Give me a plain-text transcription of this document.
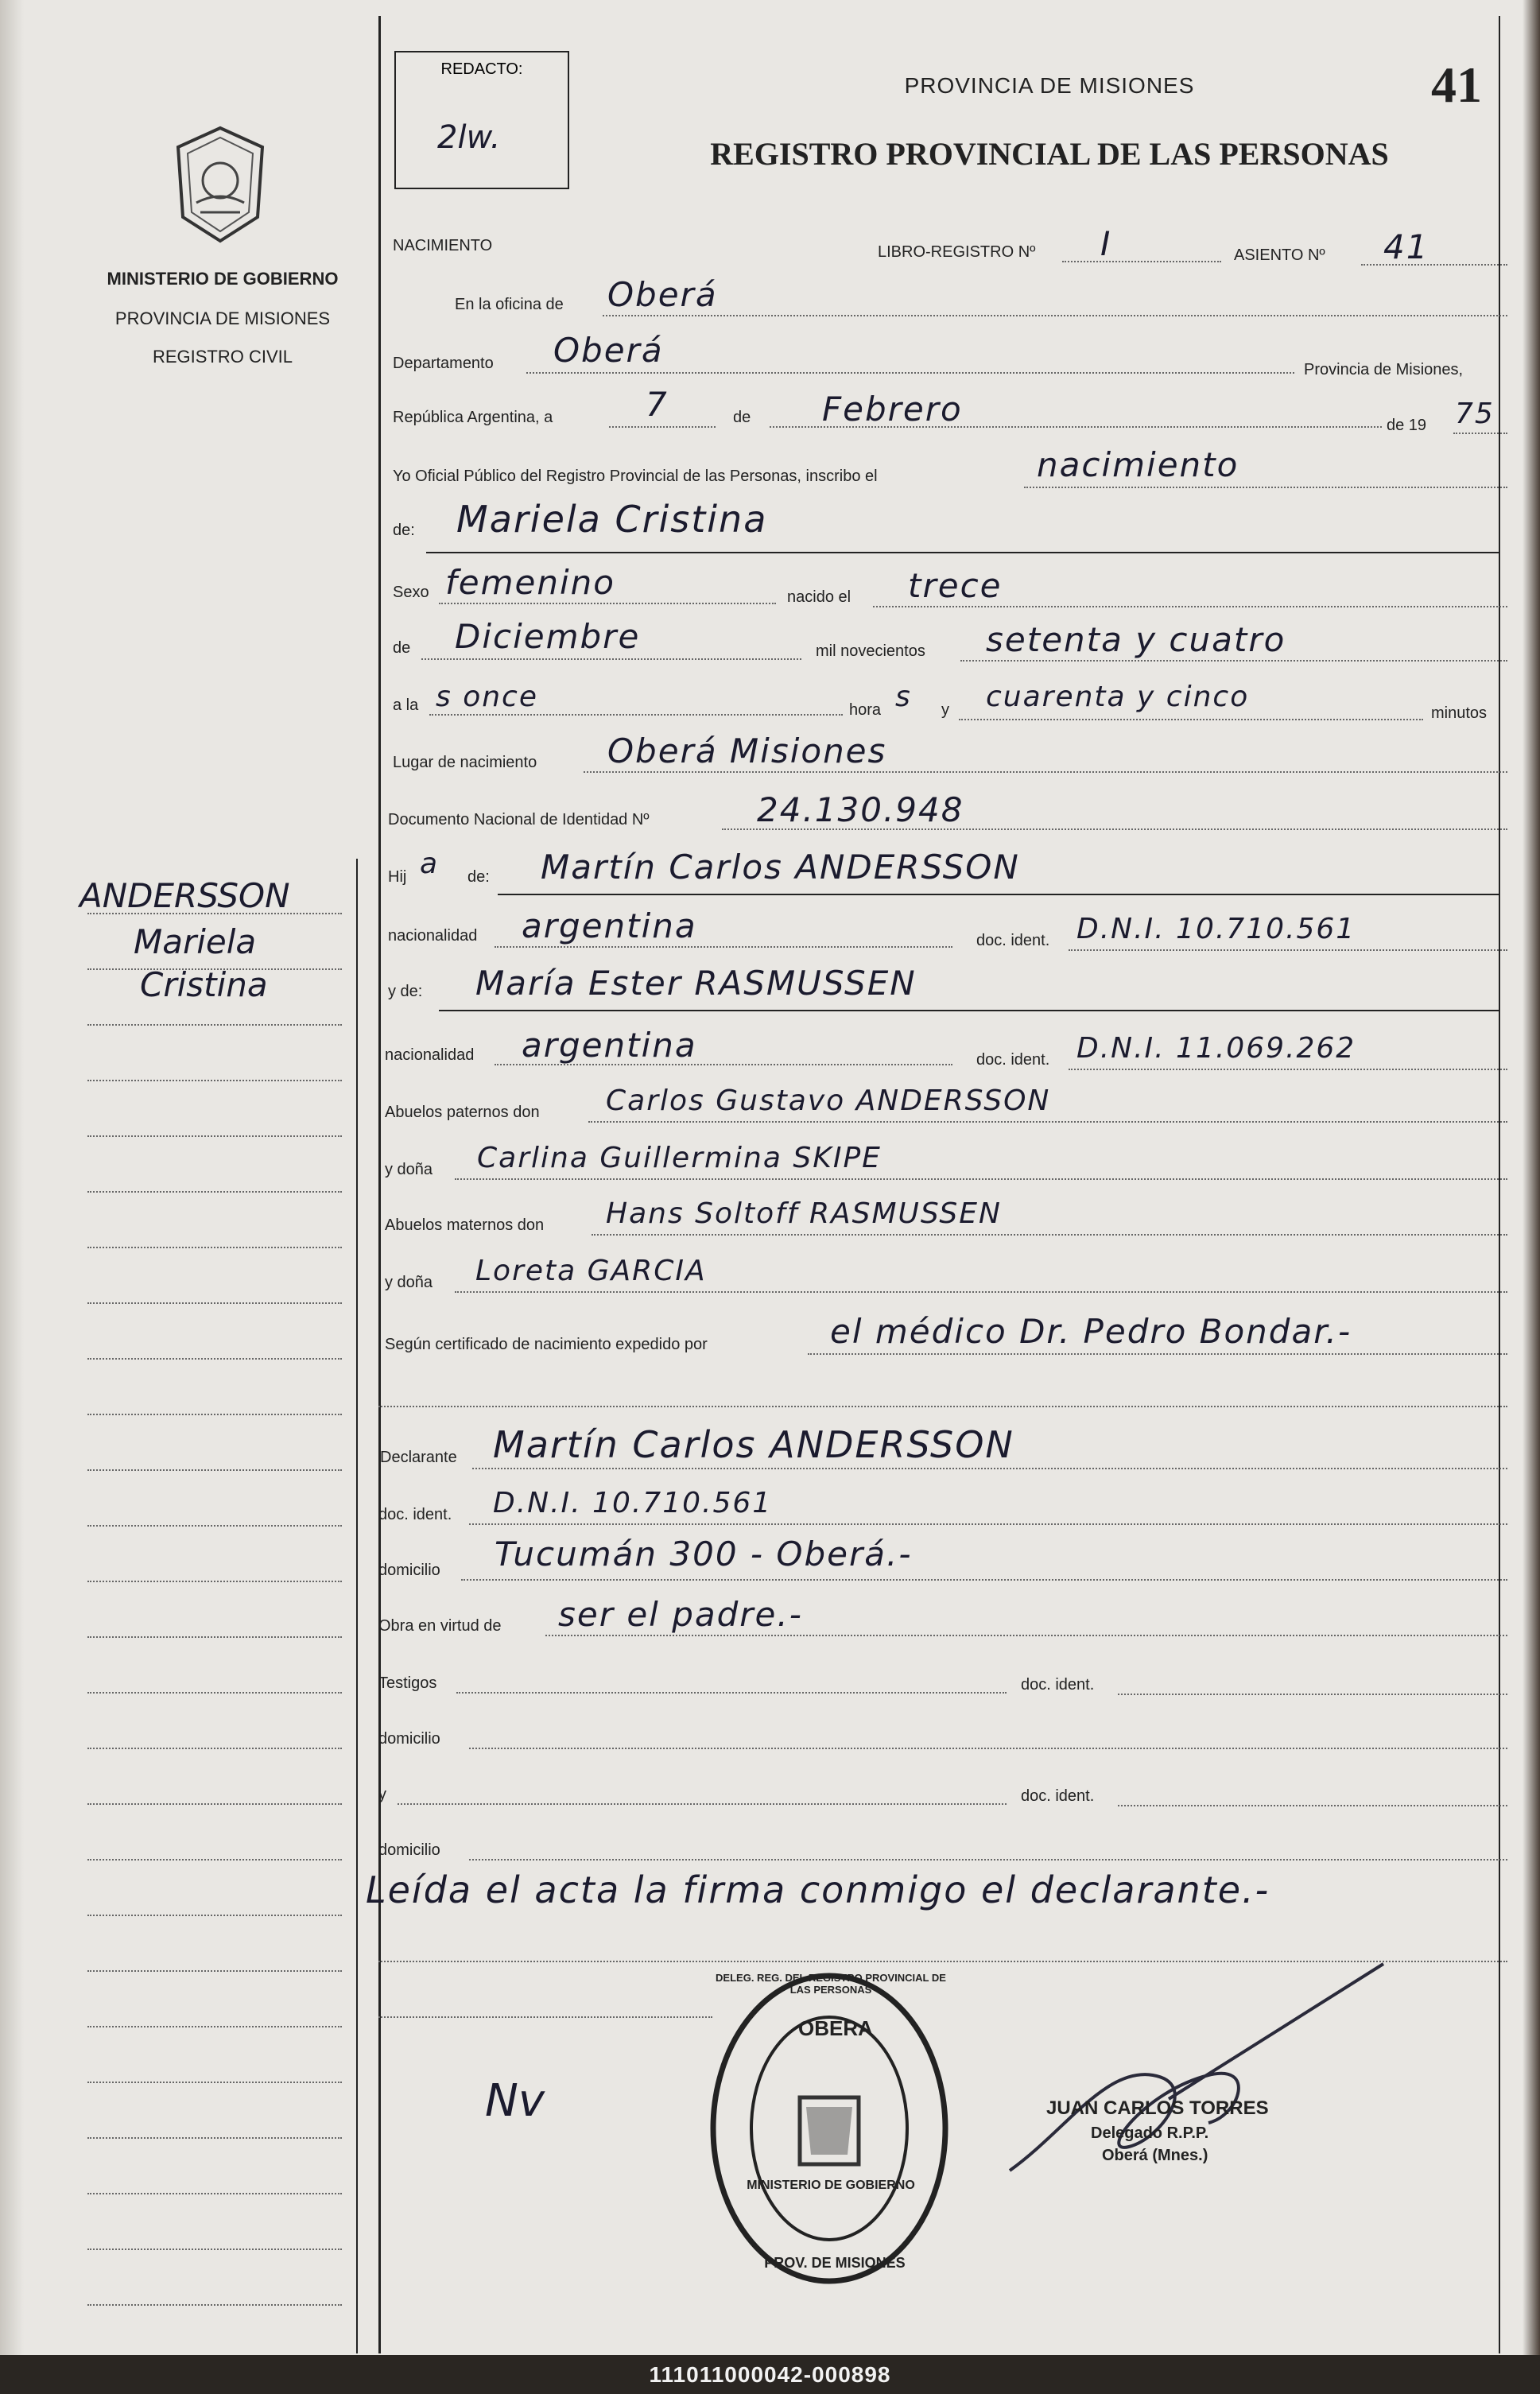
MINISTERIO DE GOBIERNO
PROVINCIA DE MISIONES
REGISTRO CIVIL
ANDERSSON
Mariela
Cristina
Nv
REDACTO:
2lw.
PROVINCIA DE MISIONES
REGISTRO PROVINCIAL DE LAS PERSONAS
41
NACIMIENTO	LIBRO-REGISTRO Nº I	ASIENTO Nº 41
En la oficina de Oberá
Departamento Oberá	Provincia de Misiones,
República Argentina, a	7	de Febrero	de 19 75
Yo Oficial Público del Registro Provincial de las Personas, inscribo el	nacimiento
de: Mariela Cristina
Sexo femenino	nacido el trece
de Diciembre	mil novecientos setenta y cuatro
a la s once	hora s y cuarenta y cinco	minutos
Lugar de nacimiento Oberá Misiones
Documento Nacional de Identidad Nº	24.130.948
Hij a de: Martín Carlos ANDERSSON
nacionalidad argentina	doc. ident. D.N.I. 10.710.561
y de: María Ester RASMUSSEN
nacionalidad argentina	doc. ident. D.N.I. 11.069.262
Abuelos paternos don Carlos Gustavo ANDERSSON
y doña Carlina Guillermina SKIPE
Abuelos maternos don Hans Soltoff RASMUSSEN
y doña Loreta GARCIA
Según certificado de nacimiento expedido por	el médico Dr. Pedro Bondar.-
Declarante Martín Carlos ANDERSSON
doc. ident. D.N.I. 10.710.561
domicilio Tucumán 300 - Oberá.-
Obra en virtud de ser el padre.-
Testigos	doc. ident.
domicilio
y	doc. ident.
domicilio
Leída el acta la firma conmigo el declarante.-
OBERA
DELEG. REG. DEL REGISTRO PROVINCIAL DE LAS PERSONAS
MINISTERIO DE GOBIERNO
PROV. DE MISIONES
JUAN CARLOS TORRES
Delegado R.P.P.
Oberá (Mnes.)
111011000042-000898
